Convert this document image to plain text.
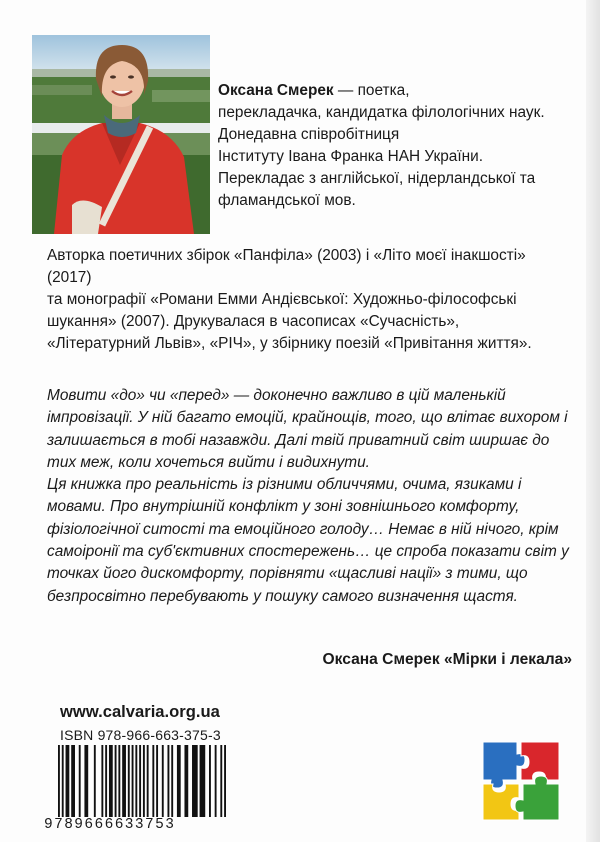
Оксана Смерек — поетка,
перекладачка, кандидатка філологічних наук.
Донедавна співробітниця
Інституту Івана Франка НАН України.
Перекладає з англійської, нідерландської та
фламандської мов.
Авторка поетичних збірок «Панфіла» (2003) і «Літо моєї інакшості» (2017)
та монографії «Романи Емми Андієвської: Художньо-філософські
шукання» (2007). Друкувалася в часописах «Сучасність»,
«Літературний Львів», «РІЧ», у збірнику поезій «Привітання життя».
Мовити «до» чи «перед» — доконечно важливо в цій маленькій
імпровізації. У ній багато емоцій, крайнощів, того, що влітає вихором і
залишається в тобі назавжди. Далі твій приватний світ ширшає до
тих меж, коли хочеться вийти і видихнути.
Ця книжка про реальність із різними обличчями, очима, язиками і
мовами. Про внутрішній конфлікт у зоні зовнішнього комфорту,
фізіологічної ситості та емоційного голоду… Немає в ній нічого, крім
самоіронії та суб'єктивних спостережень… це спроба показати світ у
точках його дискомфорту, порівняти «щасливі нації» з тими, що
безпросвітно перебувають у пошуку самого визначення щастя.
Оксана Смерек «Мірки і лекала»
www.calvaria.org.ua
ISBN 978-966-663-375-3
9789666633753
